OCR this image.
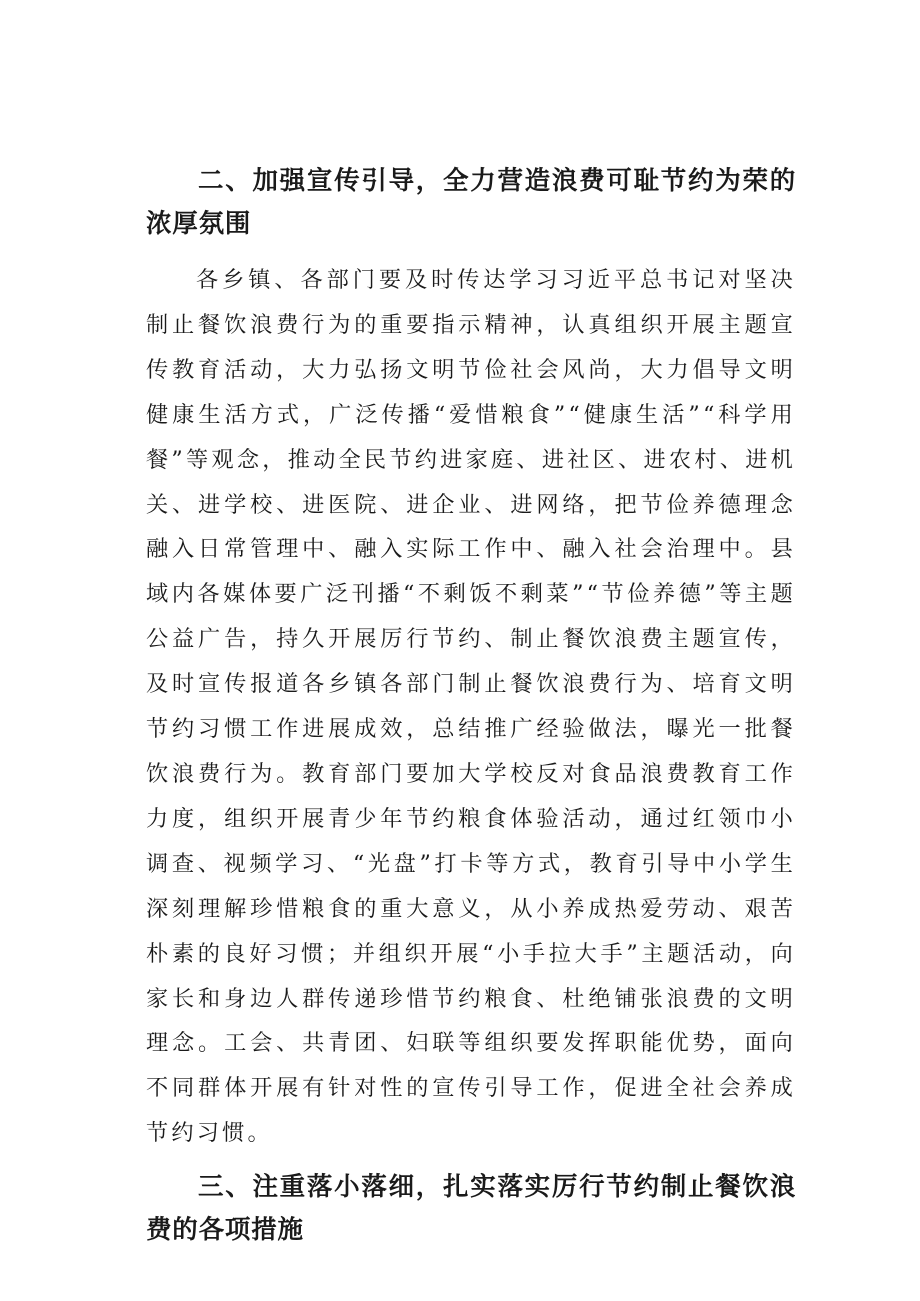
二、加强宣传引导，全力营造浪费可耻节约为荣的浓厚氛围

各乡镇、各部门要及时传达学习习近平总书记对坚决制止餐饮浪费行为的重要指示精神，认真组织开展主题宣传教育活动，大力弘扬文明节俭社会风尚，大力倡导文明健康生活方式，广泛传播“爱惜粮食”“健康生活”“科学用餐”等观念，推动全民节约进家庭、进社区、进农村、进机关、进学校、进医院、进企业、进网络，把节俭养德理念融入日常管理中、融入实际工作中、融入社会治理中。县域内各媒体要广泛刊播“不剩饭不剩菜”“节俭养德”等主题公益广告，持久开展厉行节约、制止餐饮浪费主题宣传，及时宣传报道各乡镇各部门制止餐饮浪费行为、培育文明节约习惯工作进展成效，总结推广经验做法，曝光一批餐饮浪费行为。教育部门要加大学校反对食品浪费教育工作力度，组织开展青少年节约粮食体验活动，通过红领巾小调查、视频学习、“光盘”打卡等方式，教育引导中小学生深刻理解珍惜粮食的重大意义，从小养成热爱劳动、艰苦朴素的良好习惯；并组织开展“小手拉大手”主题活动，向家长和身边人群传递珍惜节约粮食、杜绝铺张浪费的文明理念。工会、共青团、妇联等组织要发挥职能优势，面向不同群体开展有针对性的宣传引导工作，促进全社会养成节约习惯。

三、注重落小落细，扎实落实厉行节约制止餐饮浪费的各项措施
